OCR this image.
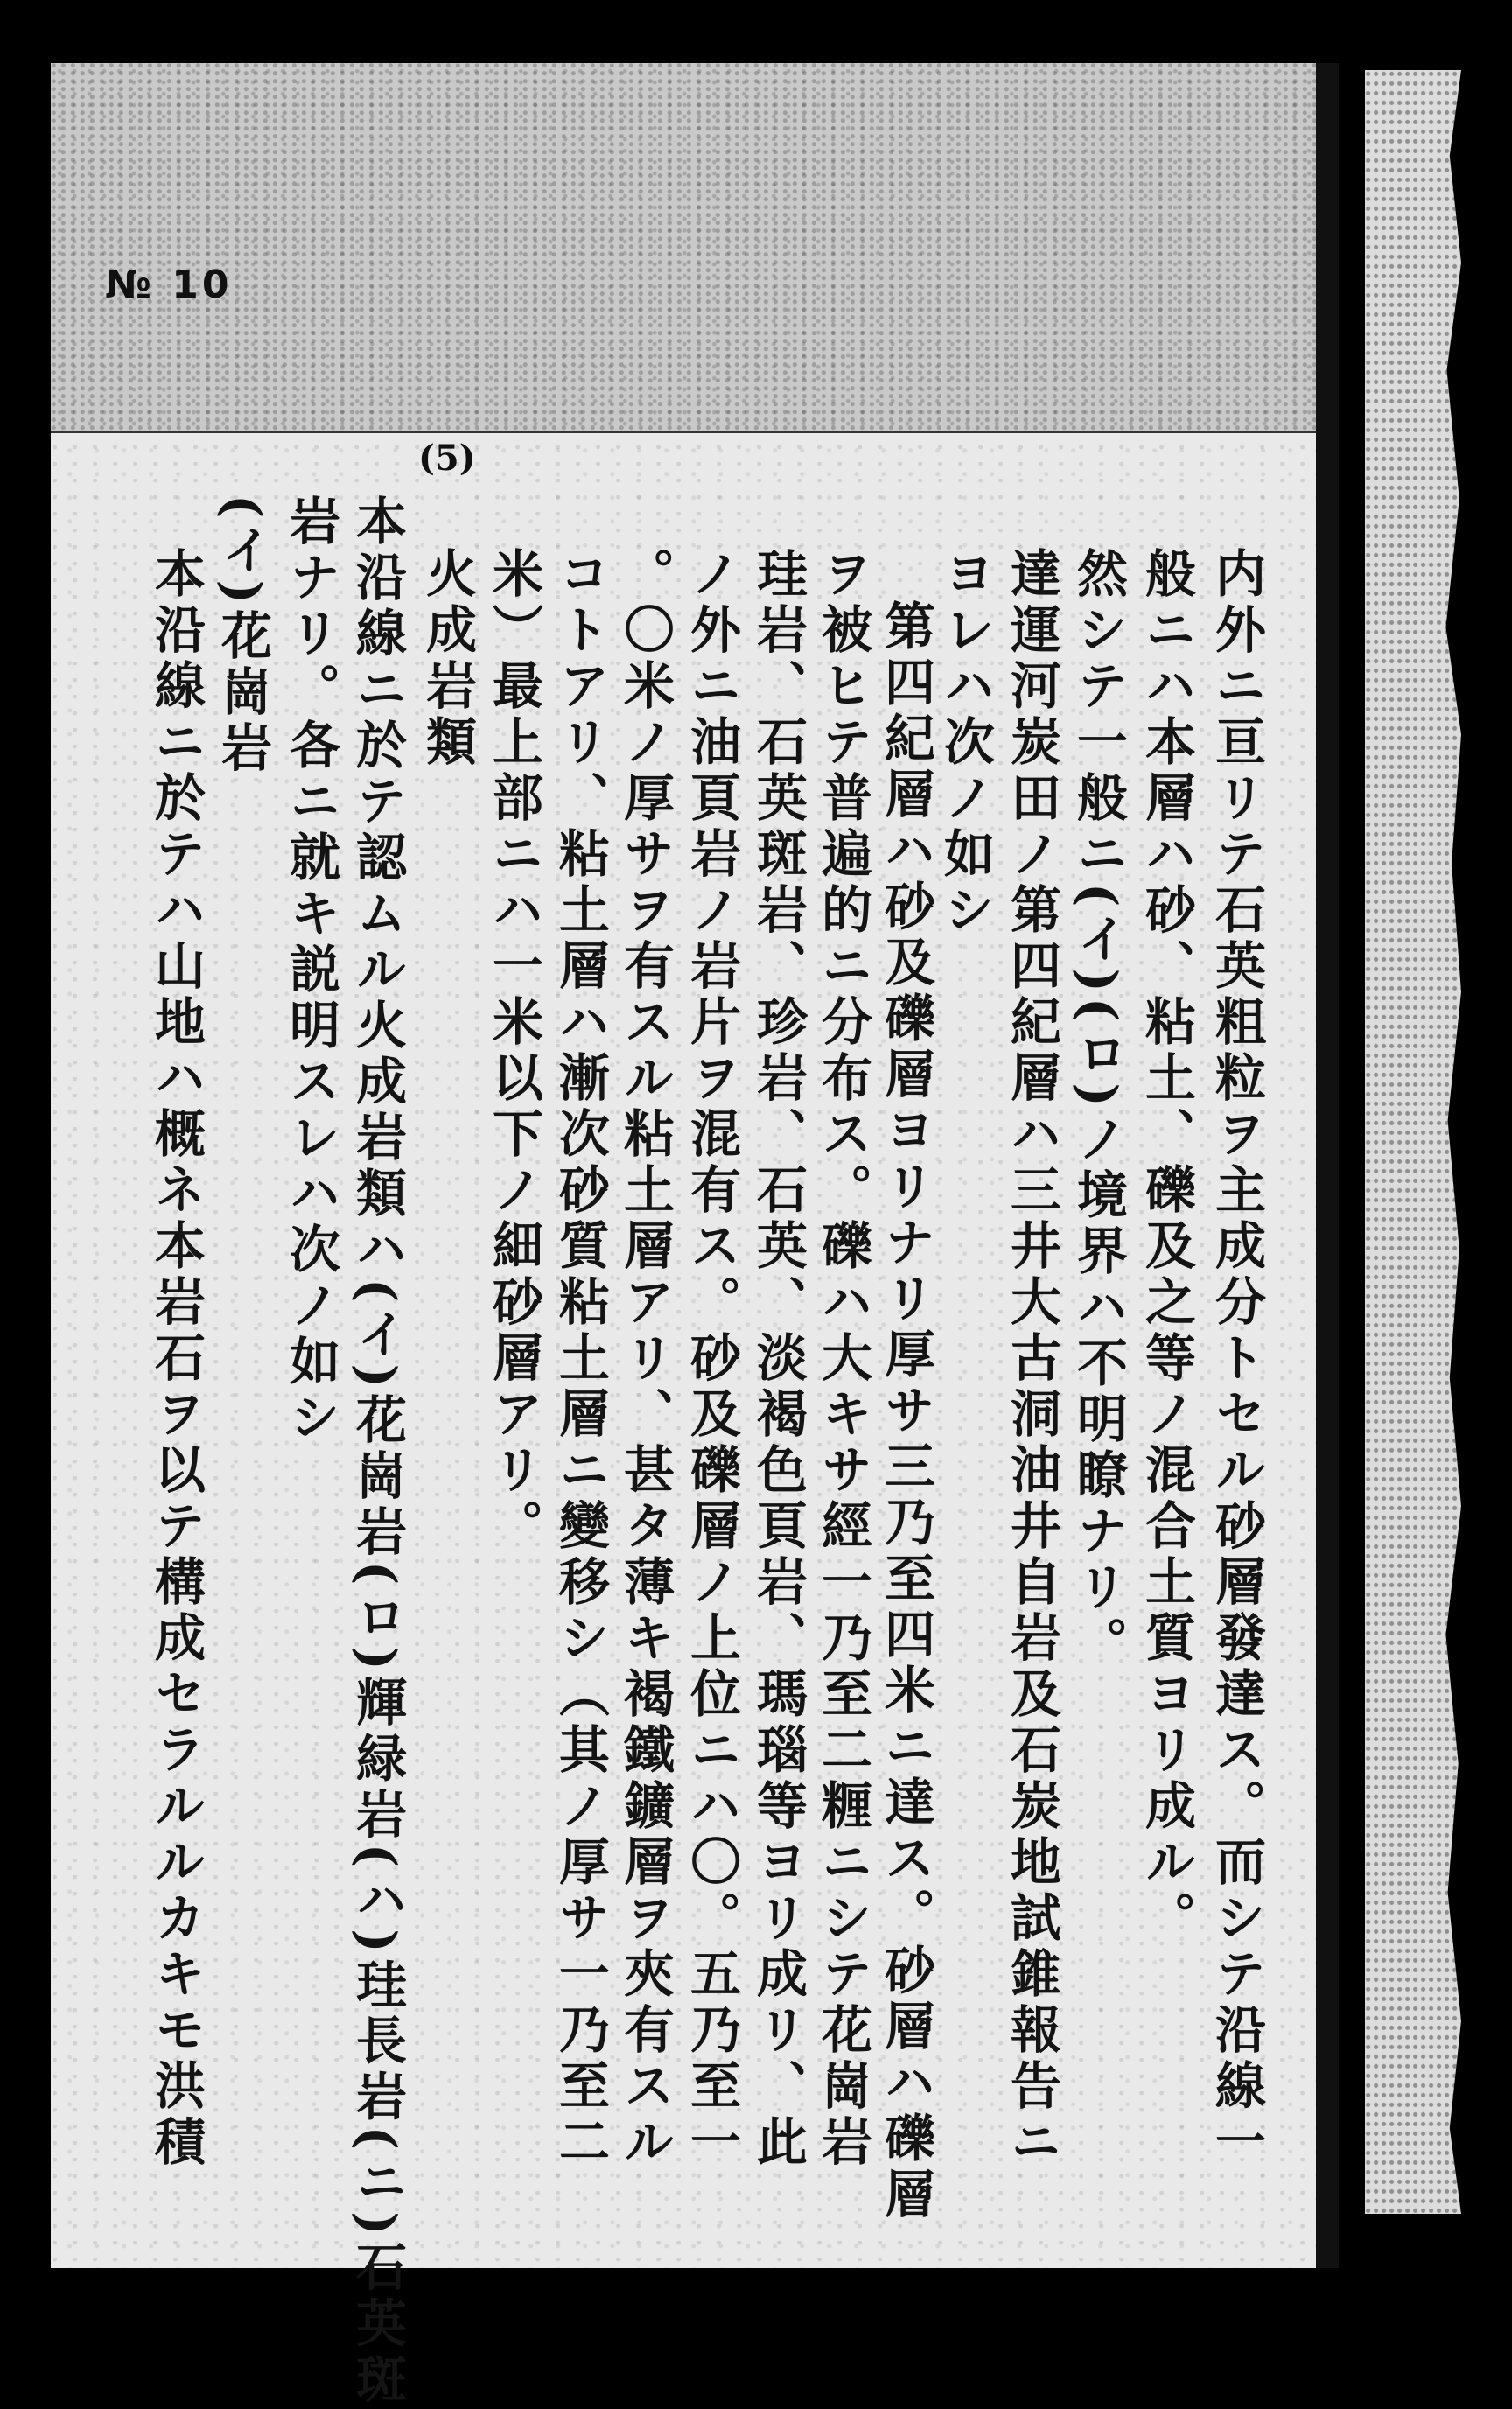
№ 10
(5)
内外ニ亘リテ石英粗粒ヲ主成分トセル砂層發達ス。而シテ沿線一
般ニハ本層ハ砂、粘土、礫及之等ノ混合土質ヨリ成ル。
然シテ一般ニ(イ)(ロ)ノ境界ハ不明瞭ナリ。
達運河炭田ノ第四紀層ハ三井大古洞油井自岩及石炭地試錐報告ニ
ヨレハ次ノ如シ
第四紀層ハ砂及礫層ヨリナリ厚サ三乃至四米ニ達ス。砂層ハ礫層
ヲ被ヒテ普遍的ニ分布ス。礫ハ大キサ經一乃至二糎ニシテ花崗岩
珪岩、石英斑岩、珍岩、石英、淡褐色頁岩、瑪瑙等ヨリ成リ、此
ノ外ニ油頁岩ノ岩片ヲ混有ス。砂及礫層ノ上位ニハ〇。五乃至一
。〇米ノ厚サヲ有スル粘土層アリ、甚タ薄キ褐鐵鑛層ヲ夾有スル
コトアリ、粘土層ハ漸次砂質粘土層ニ變移シ（其ノ厚サ一乃至二
米）最上部ニハ一米以下ノ細砂層アリ。
火成岩類
本沿線ニ於テ認ムル火成岩類ハ(イ)花崗岩(ロ)輝緑岩(ハ)珪長岩(ニ)石英斑
岩ナリ。各ニ就キ説明スレハ次ノ如シ
(イ)花崗岩
本沿線ニ於テハ山地ハ概ネ本岩石ヲ以テ構成セラルルカキモ洪積
